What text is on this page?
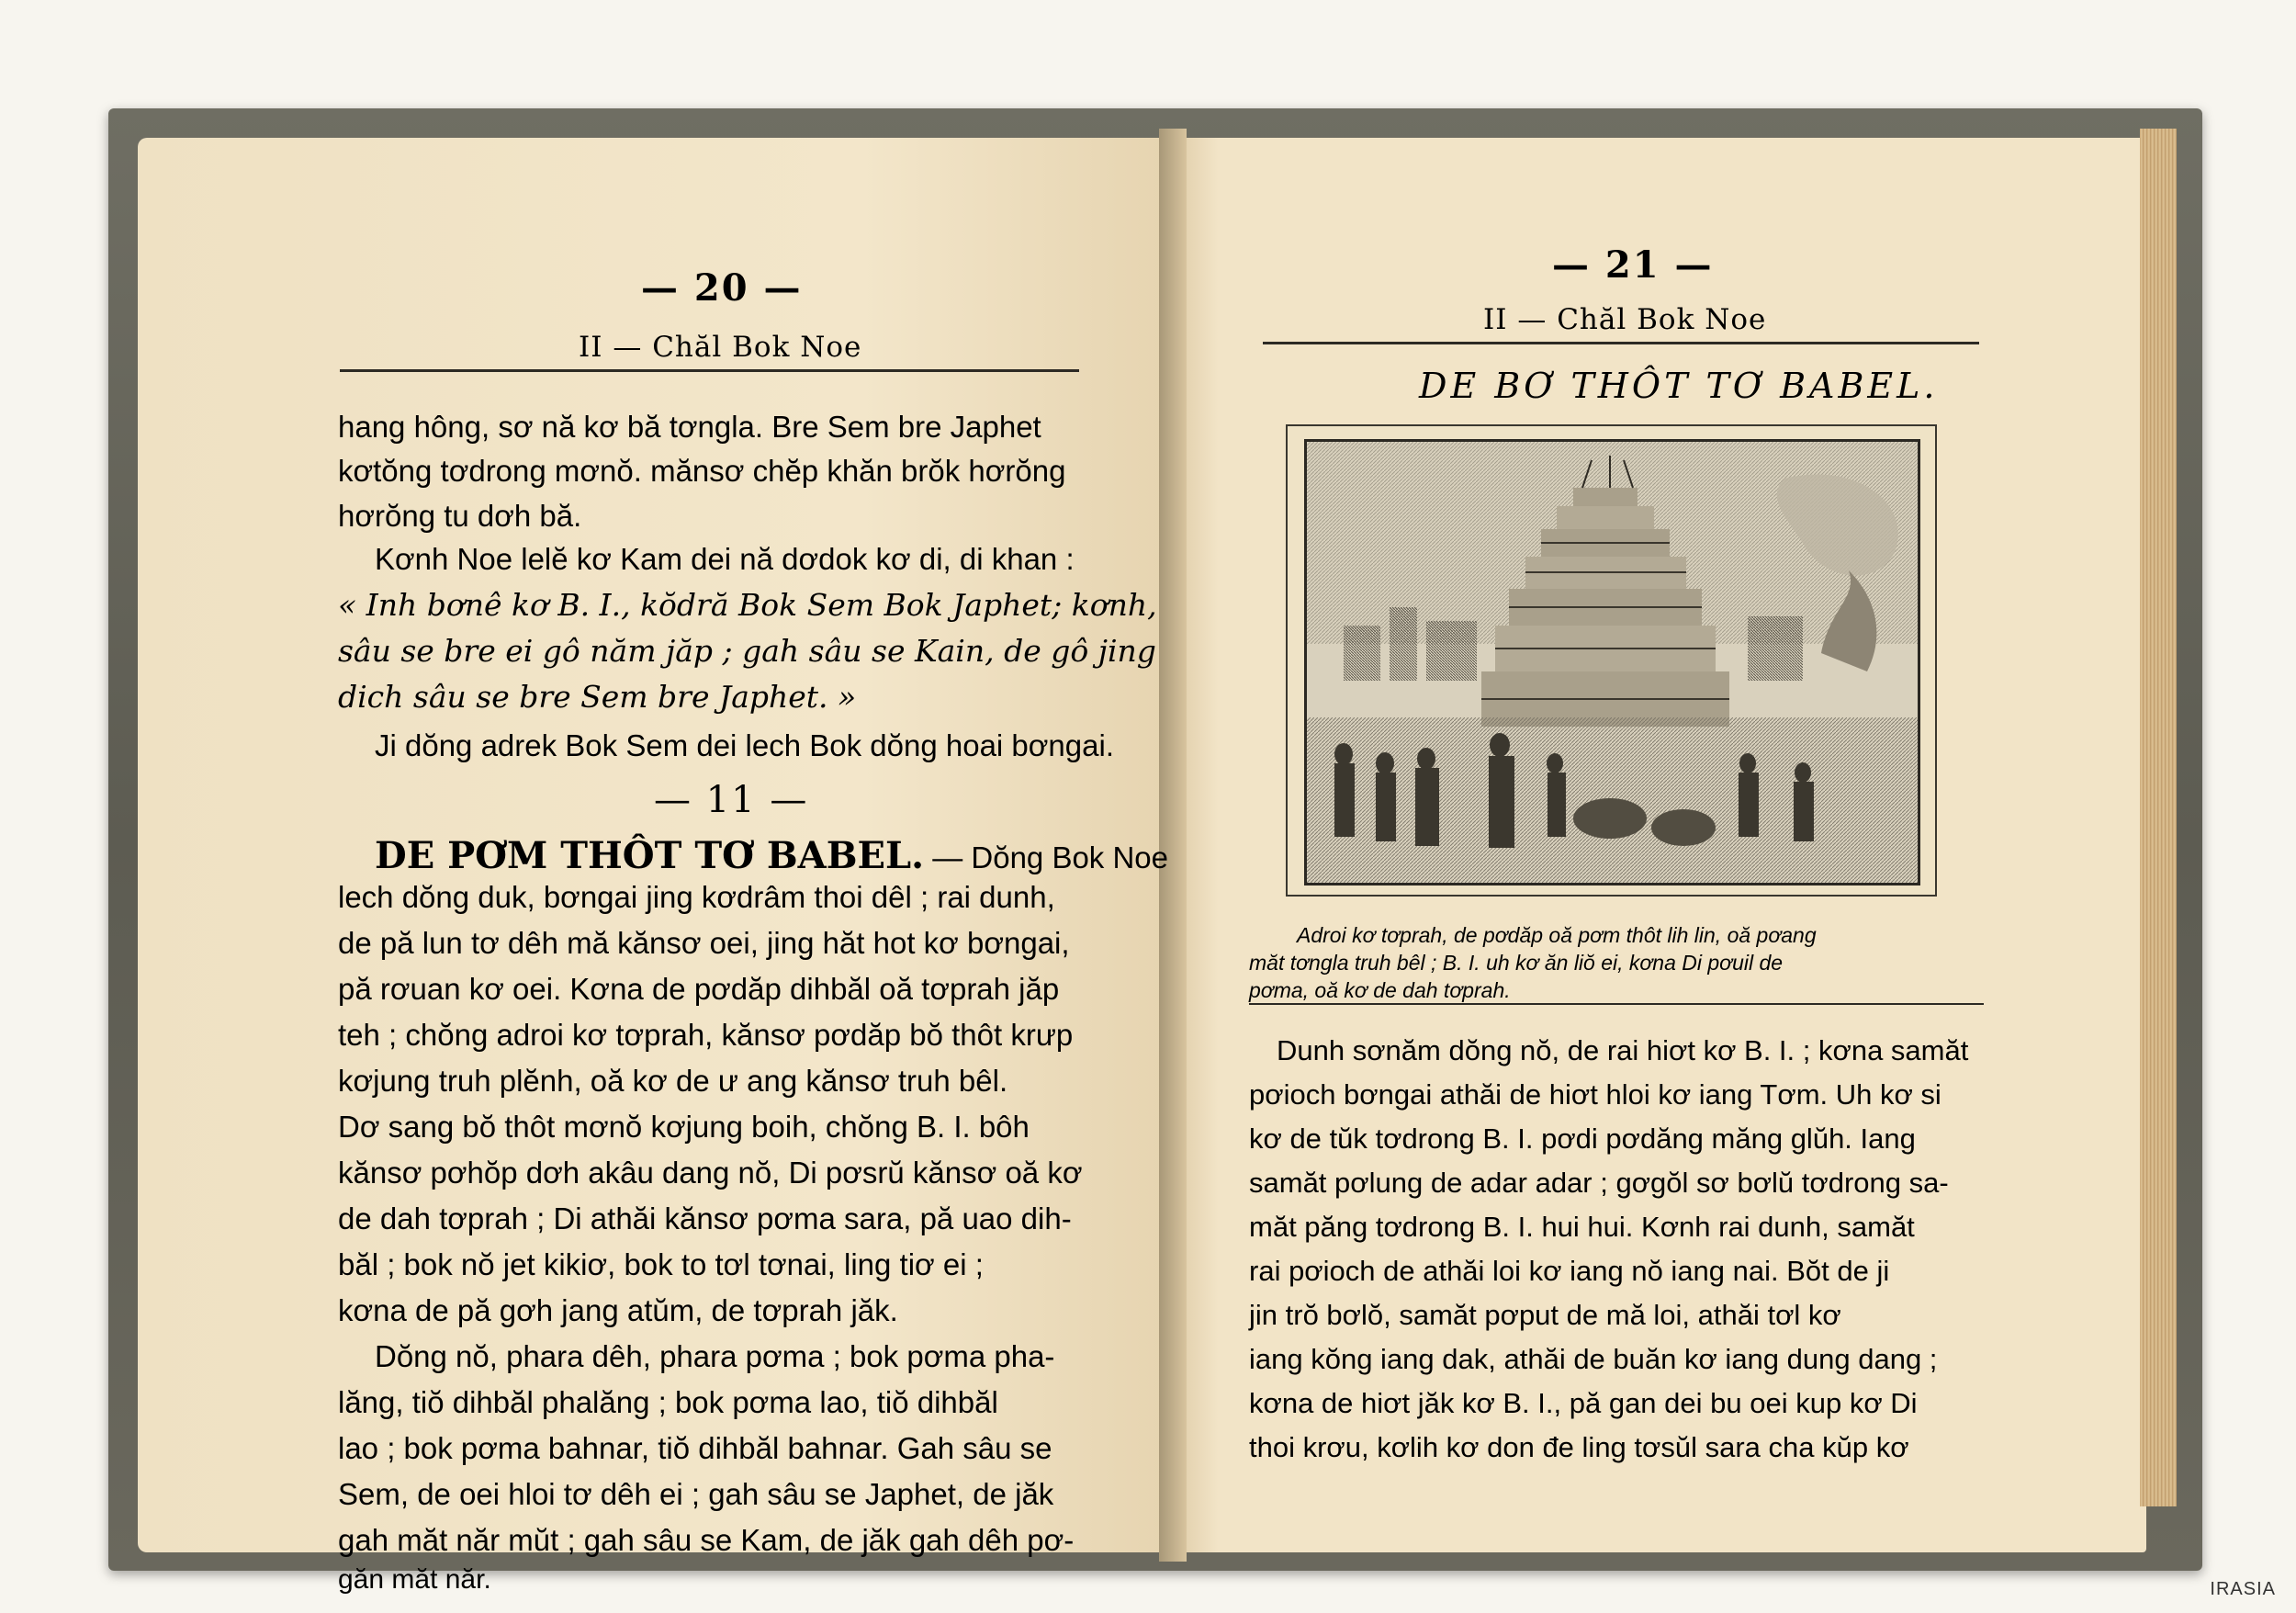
— 20 —
II — Chăl Bok Noe
hang hông, sơ nă kơ bă tơngla. Bre Sem bre Japhet
kơtŏng tơdrong mơnŏ. mănsơ chĕp khăn brŏk hơrŏng
hơrŏng tu dơh bă.
Kơnh Noe lelĕ kơ Kam dei nă dơdok kơ di, di khan :
« Inh bơnê kơ B. I., kŏdră Bok Sem Bok Japhet; kơnh,
sâu se bre ei gô năm jăp ; gah sâu se Kain, de gô jing
dich sâu se bre Sem bre Japhet. »
Ji dŏng adrek Bok Sem dei lech Bok dŏng hoai bơngai.
— 11 —
DE PƠM THÔT TƠ BABEL. — Dŏng Bok Noe
lech dŏng duk, bơngai jing kơdrâm thoi dêl ; rai dunh,
de pă lun tơ dêh mă kănsơ oei, jing hăt hot kơ bơngai,
pă rơuan kơ oei. Kơna de pơdăp dihbăl oă tơprah jăp
teh ; chŏng adroi kơ tơprah, kănsơ pơdăp bŏ thôt krưp
kơjung truh plĕnh, oă kơ de ư ang kănsơ truh bêl.
Dơ sang bŏ thôt mơnŏ kơjung boih, chŏng B. I. bôh
kănsơ pơhŏp dơh akâu dang nŏ, Di pơsrŭ kănsơ oă kơ
de dah tơprah ; Di athăi kănsơ pơma sara, pă uao dih-
băl ; bok nŏ jet kikiơ, bok to tơl tơnai, ling tiơ ei ;
kơna de pă gơh jang atŭm, de tơprah jăk.
Dŏng nŏ, phara dêh, phara pơma ; bok pơma pha-
lăng, tiŏ dihbăl phalăng ; bok pơma lao, tiŏ dihbăl
lao ; bok pơma bahnar, tiŏ dihbăl bahnar. Gah sâu se
Sem, de oei hloi tơ dêh ei ; gah sâu se Japhet, de jăk
gah măt năr mŭt ; gah sâu se Kam, de jăk gah dêh pơ-
găn măt năr.
— 21 —
II — Chăl Bok Noe
DE BƠ THÔT TƠ BABEL.
Adroi kơ tơprah, de pơdăp oă pơm thôt lih lin, oă pơang
măt tơngla truh bêl ; B. I. uh kơ ăn liŏ ei, kơna Di pơuil de
pơma, oă kơ de dah tơprah.
Dunh sơnăm dŏng nŏ, de rai hiơt kơ B. I. ; kơna samăt
pơioch bơngai athăi de hiơt hloi kơ iang Tơm. Uh kơ si
kơ de tŭk tơdrong B. I. pơdi pơdăng măng glŭh. Iang
samăt pơlung de adar adar ; gơgŏl sơ bơlŭ tơdrong sa-
măt păng tơdrong B. I. hui hui. Kơnh rai dunh, samăt
rai pơioch de athăi loi kơ iang nŏ iang nai. Bŏt de ji
jin trŏ bơlŏ, samăt pơput de mă loi, athăi tơl kơ
iang kŏng iang dak, athăi de buăn kơ iang dung dang ;
kơna de hiơt jăk kơ B. I., pă gan dei bu oei kup kơ Di
thoi krơu, kơlih kơ don đe ling tơsŭl sara cha kŭp kơ
IRASIA
